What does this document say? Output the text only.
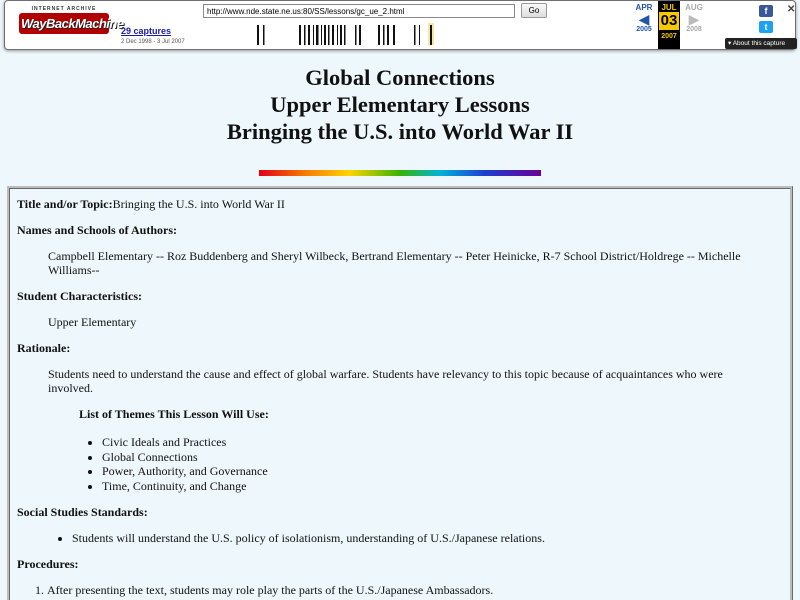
INTERNET ARCHIVE
WayBackMachine
http://www.nde.state.ne.us:80/SS/lessons/gc_ue_2.html
Go
29 captures
2 Dec 1998 - 3 Jul 2007
APR
◀
2005
JUL
03
2007
AUG
▶
2008
f
t
✕
▾ About this capture
Global Connections
Upper Elementary Lessons
Bringing the U.S. into World War II
Title and/or Topic:Bringing the U.S. into World War II
Names and Schools of Authors:
Campbell Elementary -- Roz Buddenberg and Sheryl Wilbeck, Bertrand Elementary -- Peter Heinicke, R-7 School District/Holdrege -- Michelle Williams--
Student Characteristics:
Upper Elementary
Rationale:
Students need to understand the cause and effect of global warfare. Students have relevancy to this topic because of acquaintances who were involved.
List of Themes This Lesson Will Use:
• Civic Ideals and Practices
• Global Connections
• Power, Authority, and Governance
• Time, Continuity, and Change
Social Studies Standards:
• Students will understand the U.S. policy of isolationism, understanding of U.S./Japanese relations.
Procedures:
1. After presenting the text, students may role play the parts of the U.S./Japanese Ambassadors.
